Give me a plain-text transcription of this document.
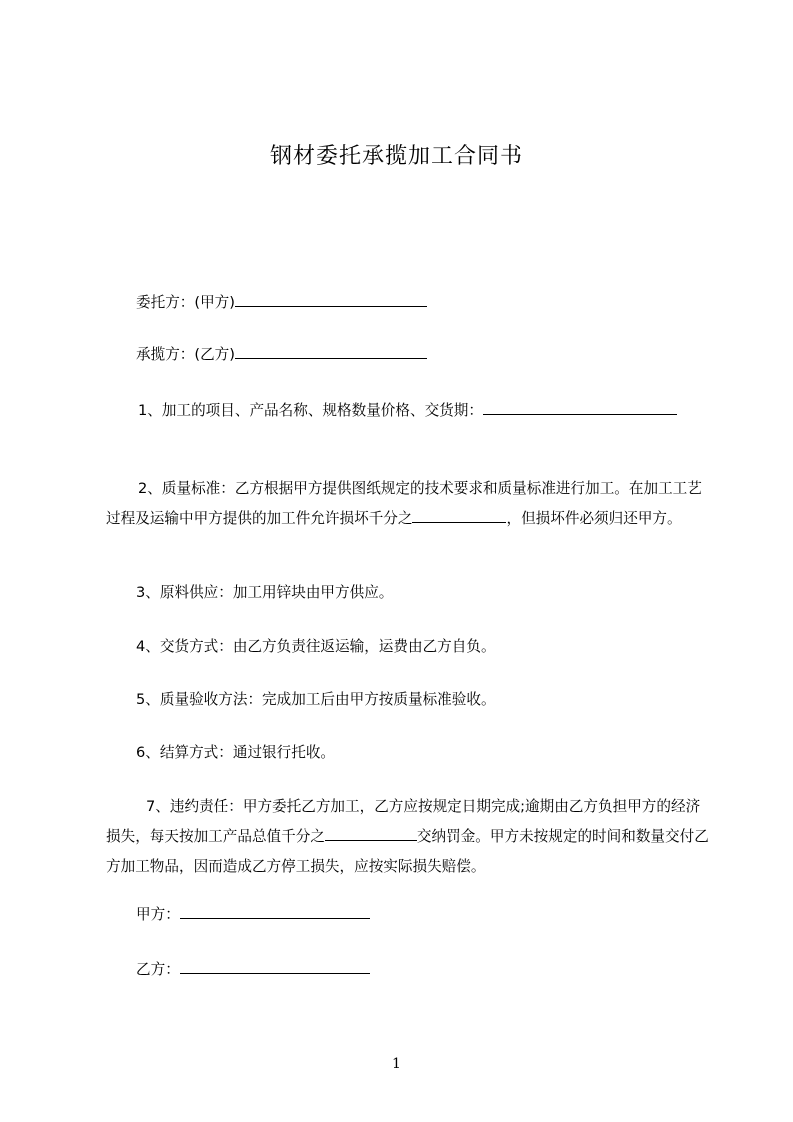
钢材委托承揽加工合同书
委托方：(甲方)
承揽方：(乙方)
1、加工的项目、产品名称、规格数量价格、交货期：
2、质量标准：乙方根据甲方提供图纸规定的技术要求和质量标准进行加工。在加工工艺过程及运输中甲方提供的加工件允许损坏千分之	，但损坏件必须归还甲方。
3、原料供应：加工用锌块由甲方供应。
4、交货方式：由乙方负责往返运输，运费由乙方自负。
5、质量验收方法：完成加工后由甲方按质量标准验收。
6、结算方式：通过银行托收。
7、违约责任：甲方委托乙方加工，乙方应按规定日期完成;逾期由乙方负担甲方的经济损失，每天按加工产品总值千分之	交纳罚金。甲方未按规定的时间和数量交付乙方加工物品，因而造成乙方停工损失，应按实际损失赔偿。
甲方：
乙方：
1
